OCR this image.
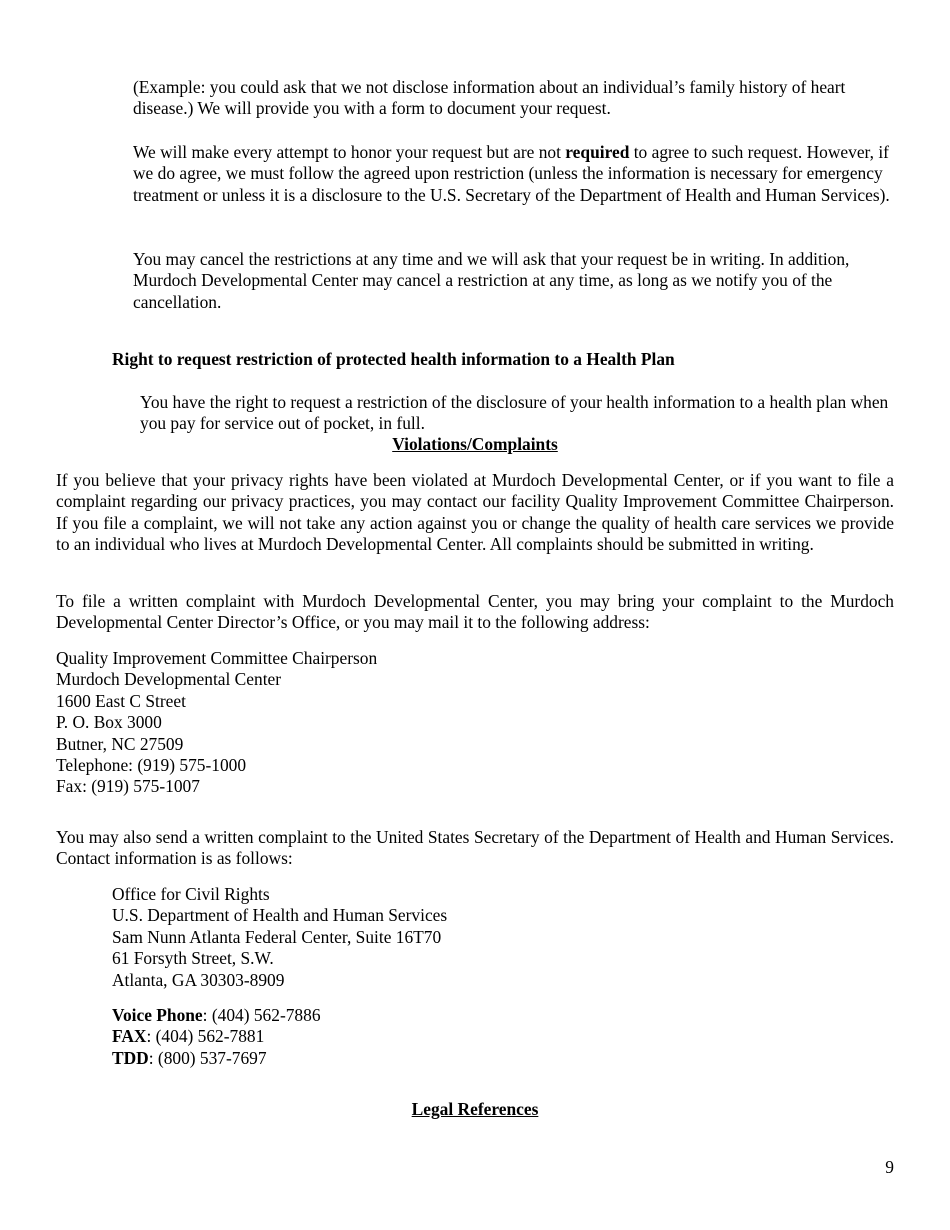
(Example: you could ask that we not disclose information about an individual’s family history of heart disease.) We will provide you with a form to document your request.

We will make every attempt to honor your request but are not required to agree to such request. However, if we do agree, we must follow the agreed upon restriction (unless the information is necessary for emergency treatment or unless it is a disclosure to the U.S. Secretary of the Department of Health and Human Services).

You may cancel the restrictions at any time and we will ask that your request be in writing. In addition, Murdoch Developmental Center may cancel a restriction at any time, as long as we notify you of the cancellation.

Right to request restriction of protected health information to a Health Plan

You have the right to request a restriction of the disclosure of your health information to a health plan when you pay for service out of pocket, in full.

Violations/Complaints

If you believe that your privacy rights have been violated at Murdoch Developmental Center, or if you want to file a complaint regarding our privacy practices, you may contact our facility Quality Improvement Committee Chairperson. If you file a complaint, we will not take any action against you or change the quality of health care services we provide to an individual who lives at Murdoch Developmental Center. All complaints should be submitted in writing.

To file a written complaint with Murdoch Developmental Center, you may bring your complaint to the Murdoch Developmental Center Director’s Office, or you may mail it to the following address:

Quality Improvement Committee Chairperson
Murdoch Developmental Center
1600 East C Street
P. O. Box 3000
Butner, NC 27509
Telephone: (919) 575-1000
Fax: (919) 575-1007

You may also send a written complaint to the United States Secretary of the Department of Health and Human Services. Contact information is as follows:

Office for Civil Rights
U.S. Department of Health and Human Services
Sam Nunn Atlanta Federal Center, Suite 16T70
61 Forsyth Street, S.W.
Atlanta, GA 30303-8909
Voice Phone: (404) 562-7886
FAX: (404) 562-7881
TDD: (800) 537-7697

Legal References

9
